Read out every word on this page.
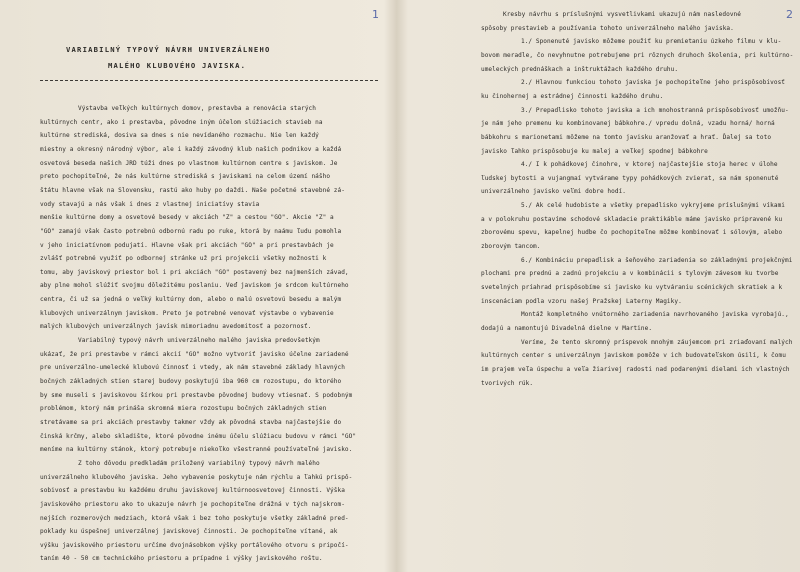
1
VARIABILNÝ TYPOVÝ NÁVRH UNIVERZÁLNEHO
MALÉHO KLUBOVÉHO JAVISKA.
Výstavba veľkých kultúrnych domov, prestavba a renovácia starých
kultúrnych centr, ako i prestavba, pôvodne iným účelom slúžiacich stavieb na
kultúrne strediská, dosiva sa dnes s nie nevídaného rozmachu. Nie len každý
miestny a okresný národný výbor, ale i každý závodný klub našich podnikov a každá
osvetová beseda našich JRD túži dnes po vlastnom kultúrnom centre s javiskom. Je
preto pochopiteľné, že nás kultúrne strediská s javiskami na celom území nášho
štátu hlavne však na Slovensku, rastú ako huby po daždi. Naše početné stavebné zá-
vody stavajú a nás však i dnes z vlastnej iniciatívy stavia
menšie kultúrne domy a osvetové besedy v akciách "Z" a cestou "GO". Akcie "Z" a
"GO" zamajú však často potrebnú odbornú radu po ruke, ktorá by naámu ľudu pomohla
v jeho iniciatívnom podujatí. Hlavne však pri akciách "GO" a pri prestavbách je
zvlášť potrebné využiť po odbornej stránke už pri projekcii všetky možnosti k
tomu, aby javiskový priestor bol i pri akciách "GO" postavený bez najmenších závad,
aby plne mohol slúžiť svojmu dôležitému poslaniu. Veď javiskom je srdcom kultúrneho
centra, či už sa jedná o veľký kultúrny dom, alebo o malú osvetovú besedu a malým
klubových univerzálnym javiskom. Preto je potrebné venovať výstavbe o vybavenie
malých klubových univerzálnych javísk mimoriadnu avedomitosť a pozornosť.
Variabilný typový návrh univerzálneho malého javiska predovšetkým
ukázať, že pri prestavbe v rámci akcií "GO" možno vytvoriť javisko účelne zariadené
pre univerzálno-umelecké klubovú činnosť i vtedy, ak nám stavebné základy hlavných
bočných základných stien starej budovy poskytujú iba 960 cm rozostupu, do ktorého
by sme museli s javiskovou šírkou pri prestavbe pôvodnej budovy vtiesnať. S podobným
problémom, ktorý nám prináša skromná miera rozostupu bočných základných stien
stretávame sa pri akciách prestavby takmer vždy ak pôvodná stavba najčastejšie do
činská krčmy, alebo skladište, ktoré pôvodne inému účelu slúžiacu budovu v rámci "GO"
meníme na kultúrny stánok, ktorý potrebuje niekoľko všestranné používateľné javisko.
Z toho dôvodu predkladám priložený variabilný typový návrh malého
univerzálneho klubového javiska. Jeho vybavenie poskytuje nám rýchlu a ľahkú prispô-
sobivosť a prestavbu ku každému druhu javiskovej kultúrnoosvetovej činnosti. Výška
javiskového priestoru ako to ukazuje návrh je pochopiteľne drážná v tých najskrom-
nejších rozmerových medziach, ktorá však i bez toho poskytuje všetky základné pred-
poklady ku úspešnej univerzálnej javiskovej činnosti. Je pochopiteľne vítané, ak
výšku javiskového priestoru určíme dvojnásobkom výšky portálového otvoru s pripočí-
taním 40 - 50 cm technického priestoru a prípadne i výšky javiskového roštu.
2
Kresby návrhu s príslušnými vysvetlivkami ukazujú nám nasledovné
spôsoby prestavieb a používania tohoto univerzálneho malého javiska.
1./ Sponenuté javisko môžeme použiť ku premietaniu úzkeho filmu v klu-
bovom meradle, čo nevyhnutne potrebujeme pri rôznych druhoch školenia, pri kultúrno-
umeleckých prednáškach a inštruktážach každého druhu.
2./ Hlavnou funkciou tohoto javiska je pochopiteľne jeho prispôsobivosť
ku činohernej a estrádnej činnosti každého druhu.
3./ Prepadlisko tohoto javiska a ich mnohostranná prispôsobivosť umožňu-
je nám jeho premenu ku kombinovanej bábkohre./ vpredu dolná, vzadu horná/ horná
bábkohru s marionetami môžeme na tomto javisku aranžovať a hrať. Ďalej sa toto
javisko ľahko prispôsobuje ku malej a veľkej spodnej bábkohre
4./ I k pohádkovej činohre, v ktorej najčastejšie stoja herec v úlohe
ľudskej bytosti a vujangmaí vytvárame typy pohádkových zvierat, sa nám sponenuté
univerzálneho javisko veľmi dobre hodí.
5./ Ak celé hudobiste a všetky prepadlisko vykryjeme príslušnými víkami
a v polokruhu postavíme schodové skladacie praktikáble máme javisko pripravené ku
zborovému spevu, kapelnej hudbe čo pochopiteľne môžme kombinovať i sólovým, alebo
zborovým tancom.
6./ Kombináciu prepadlisk a šeňového zariadenia so základnými projekčnými
plochami pre prednú a zadnú projekciu a v kombinácii s tylovým závesom ku tvorbe
svetelných príahrad prispôsobíme si javisko ku vytváraniu scénických skratiek a k
inscenáciam podla vzoru našej Pražskej Laterny Magiky.
Montáž kompletného vnútorného zariadenia navrhovaného javiska vyrobajú.,
dodajú a namontujú Divadelná dielne v Martine.
Veríme, že tento skromný príspevok mnohým záujemcom pri zriaďovaní malých
kultúrnych center s univerzálnym javiskom pomôže v ich budovateľskom úsilí, k čomu
im prajem veľa úspechu a veľa žiarivej radosti nad podarenými dielami ich vlastných
tvorivých rúk.
